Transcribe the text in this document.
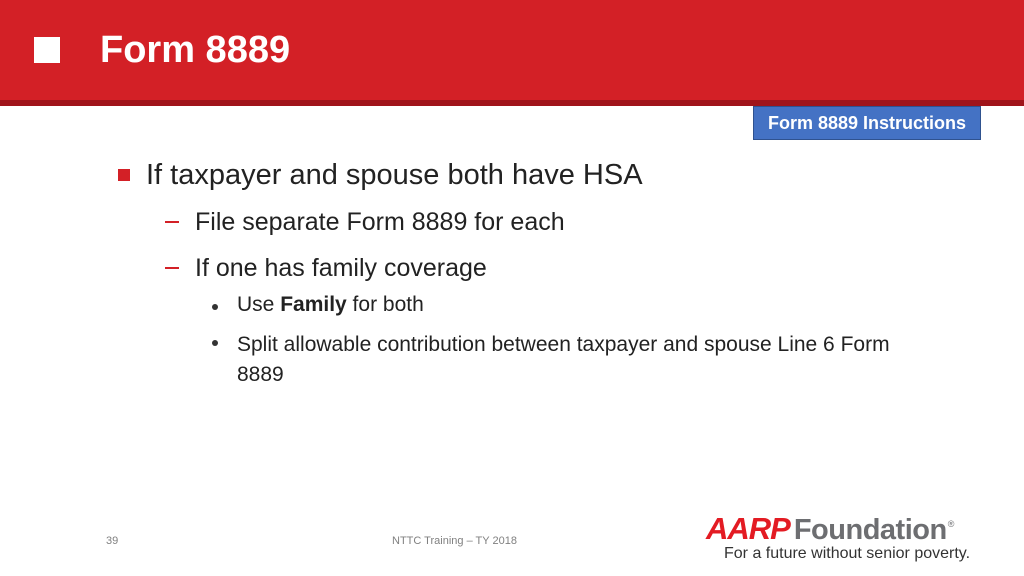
Form 8889
Form 8889 Instructions
If taxpayer and spouse both have HSA
File separate Form 8889 for each
If one has family coverage
Use Family for both
Split allowable contribution between taxpayer and spouse Line 6 Form 8889
39	NTTC Training – TY 2018	AARP Foundation ®
For a future without senior poverty.
